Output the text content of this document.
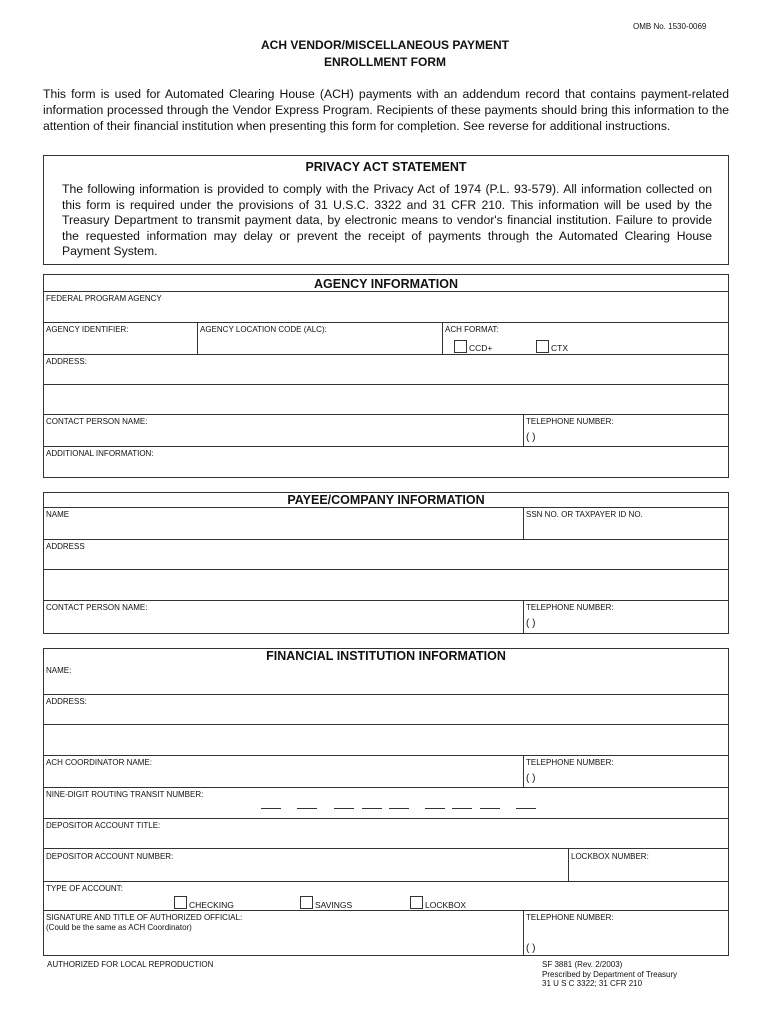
OMB No. 1530-0069
ACH VENDOR/MISCELLANEOUS PAYMENT
ENROLLMENT FORM
This form is used for Automated Clearing House (ACH) payments with an addendum record that contains payment-related information processed through the Vendor Express Program. Recipients of these payments should bring this information to the attention of their financial institution when presenting this form for completion. See reverse for additional instructions.
PRIVACY ACT STATEMENT
The following information is provided to comply with the Privacy Act of 1974 (P.L. 93-579). All information collected on this form is required under the provisions of 31 U.S.C. 3322 and 31 CFR 210. This information will be used by the Treasury Department to transmit payment data, by electronic means to vendor's financial institution. Failure to provide the requested information may delay or prevent the receipt of payments through the Automated Clearing House Payment System.
AGENCY INFORMATION
FEDERAL PROGRAM AGENCY
AGENCY IDENTIFIER:	AGENCY LOCATION CODE (ALC):	ACH FORMAT:
CCD+	CTX
ADDRESS:
CONTACT PERSON NAME:	TELEPHONE NUMBER:
( )
ADDITIONAL INFORMATION:
PAYEE/COMPANY INFORMATION
NAME	SSN NO. OR TAXPAYER ID NO.
ADDRESS
CONTACT PERSON NAME:	TELEPHONE NUMBER:
( )
FINANCIAL INSTITUTION INFORMATION
NAME:
ADDRESS:
ACH COORDINATOR NAME:	TELEPHONE NUMBER:
( )
NINE-DIGIT ROUTING TRANSIT NUMBER:
DEPOSITOR ACCOUNT TITLE:
DEPOSITOR ACCOUNT NUMBER:	LOCKBOX NUMBER:
TYPE OF ACCOUNT:
CHECKING	SAVINGS	LOCKBOX
SIGNATURE AND TITLE OF AUTHORIZED OFFICIAL:
(Could be the same as ACH Coordinator)
TELEPHONE NUMBER:
( )
AUTHORIZED FOR LOCAL REPRODUCTION	SF 3881 (Rev. 2/2003)
Prescribed by Department of Treasury
31 U S C 3322; 31 CFR 210
